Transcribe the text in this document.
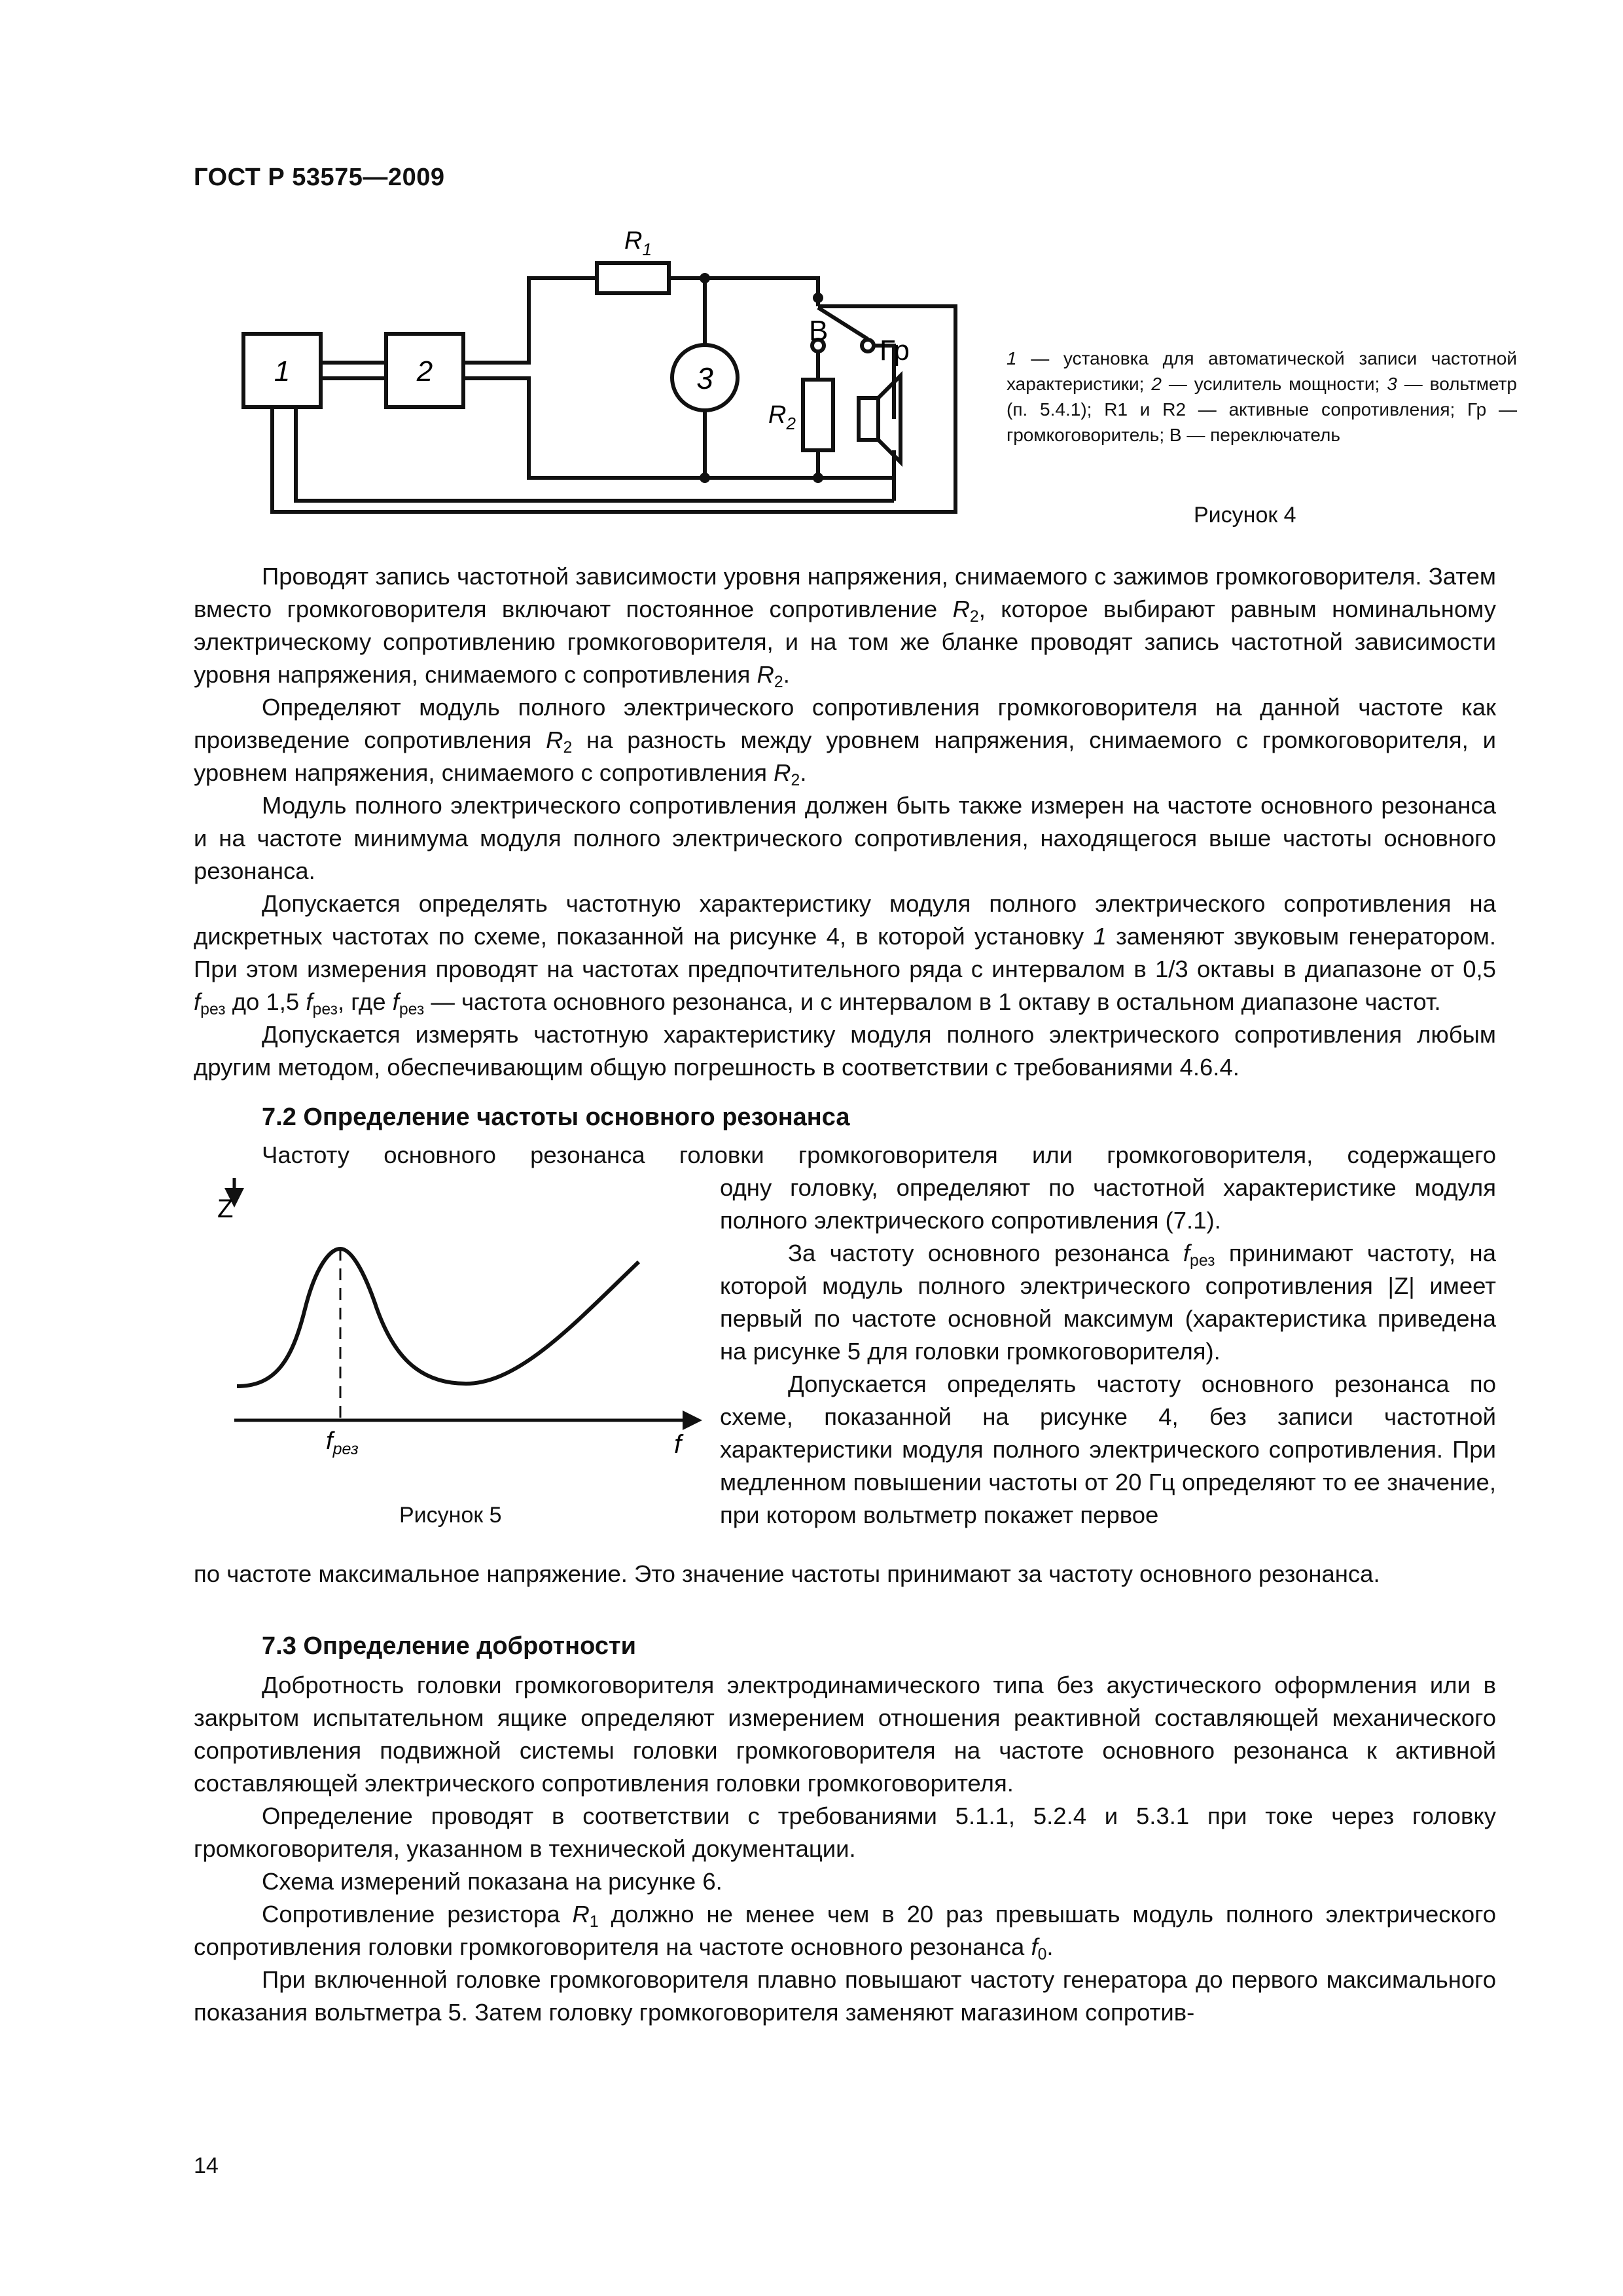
ГОСТ Р 53575—2009
1	2	3
$R_1$
$R_2$
В
Гр	1 — установка для автоматической записи частотной характеристики; 2 — усилитель мощности; 3 — вольтметр (п. 5.4.1); R1 и R2 — активные сопротивления; Гр — громкоговоритель; В — переключатель
Рисунок 4

Проводят запись частотной зависимости уровня напряжения, снимаемого с зажимов громкоговорителя. Затем вместо громкоговорителя включают постоянное сопротивление $R_2$, которое выбирают равным номинальному электрическому сопротивлению громкоговорителя, и на том же бланке проводят запись частотной зависимости уровня напряжения, снимаемого с сопротивления $R_2$.

Определяют модуль полного электрического сопротивления громкоговорителя на данной частоте как произведение сопротивления $R_2$ на разность между уровнем напряжения, снимаемого с громкоговорителя, и уровнем напряжения, снимаемого с сопротивления $R_2$.

Модуль полного электрического сопротивления должен быть также измерен на частоте основного резонанса и на частоте минимума модуля полного электрического сопротивления, находящегося выше частоты основного резонанса.

Допускается определять частотную характеристику модуля полного электрического сопротивления на дискретных частотах по схеме, показанной на рисунке 4, в которой установку 1 заменяют звуковым генератором. При этом измерения проводят на частотах предпочтительного ряда с интервалом в 1/3 октавы в диапазоне от 0,5 $f_{рез}$ до 1,5 $f_{рез}$, где $f_{рез}$ — частота основного резонанса, и с интервалом в 1 октаву в остальном диапазоне частот.

Допускается измерять частотную характеристику модуля полного электрического сопротивления любым другим методом, обеспечивающим общую погрешность в соответствии с требованиями 4.6.4.

7.2 Определение частоты основного резонанса

Частоту основного резонанса головки громкоговорителя или громкоговорителя, содержащего

Z
f
$f_{рез}$
Рисунок 5

одну головку, определяют по частотной характеристике модуля полного электрического сопротивления (7.1).

За частоту основного резонанса $f_{рез}$ принимают частоту, на которой модуль полного электрического сопротивления |Z| имеет первый по частоте основной максимум (характеристика приведена на рисунке 5 для головки громкоговорителя).

Допускается определять частоту основного резонанса по схеме, показанной на рисунке 4, без записи частотной характеристики модуля полного электрического сопротивления. При медленном повышении частоты от 20 Гц определяют то ее значение, при котором вольтметр покажет первое

по частоте максимальное напряжение. Это значение частоты принимают за частоту основного резонанса.

7.3 Определение добротности

Добротность головки громкоговорителя электродинамического типа без акустического оформления или в закрытом испытательном ящике определяют измерением отношения реактивной составляющей механического сопротивления подвижной системы головки громкоговорителя на частоте основного резонанса к активной составляющей электрического сопротивления головки громкоговорителя.

Определение проводят в соответствии с требованиями 5.1.1, 5.2.4 и 5.3.1 при токе через головку громкоговорителя, указанном в технической документации.

Схема измерений показана на рисунке 6.

Сопротивление резистора $R_1$ должно не менее чем в 20 раз превышать модуль полного электрического сопротивления головки громкоговорителя на частоте основного резонанса $f_0$.

При включенной головке громкоговорителя плавно повышают частоту генератора до первого максимального показания вольтметра 5. Затем головку громкоговорителя заменяют магазином сопротив-

14
